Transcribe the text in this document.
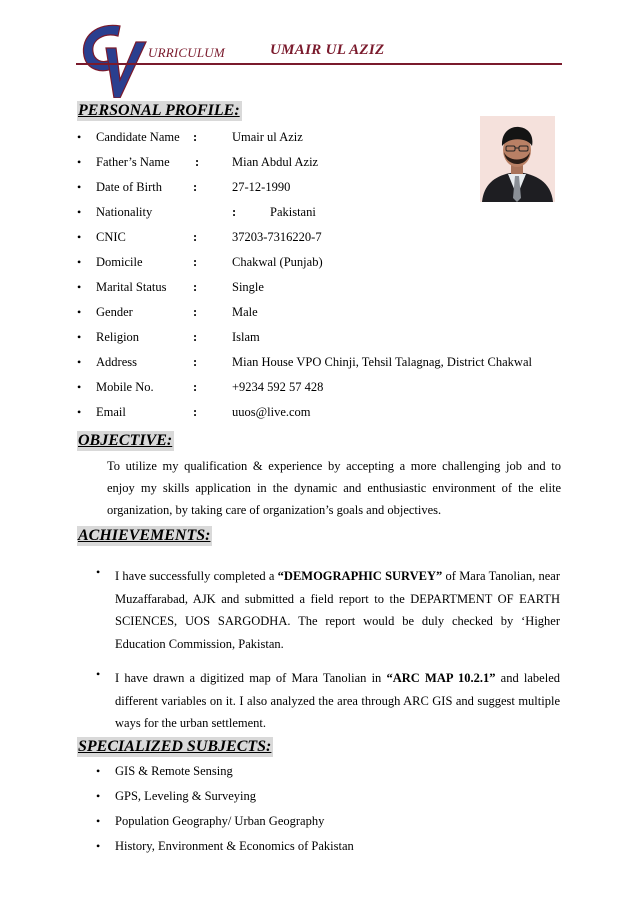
URRICULUM	UMAIR UL AZIZ
PERSONAL PROFILE:
• Candidate Name :	Umair ul Aziz
• Father’s Name :	Mian Abdul Aziz
• Date of Birth :	27-12-1990
• Nationality	:	Pakistani
• CNIC	:	37203-7316220-7
• Domicile	:	Chakwal (Punjab)
• Marital Status :	Single
• Gender	:	Male
• Religion	:	Islam
• Address	:	Mian House VPO Chinji, Tehsil Talagnag, District Chakwal
• Mobile No.	:	+9234 592 57 428
• Email	:	uuos@live.com
OBJECTIVE:
To utilize my qualification & experience by accepting a more challenging job and to
enjoy my skills application in the dynamic and enthusiastic environment of the elite
organization, by taking care of organization’s goals and objectives.
ACHIEVEMENTS:
• I have successfully completed a “DEMOGRAPHIC SURVEY” of Mara Tanolian, near Muzaffarabad, AJK and submitted a field report to the DEPARTMENT OF EARTH SCIENCES, UOS SARGODHA. The report would be duly checked by ‘Higher Education Commission, Pakistan.
• I have drawn a digitized map of Mara Tanolian in “ARC MAP 10.2.1” and labeled different variables on it. I also analyzed the area through ARC GIS and suggest multiple ways for the urban settlement.
SPECIALIZED SUBJECTS:
• GIS & Remote Sensing
• GPS, Leveling & Surveying
• Population Geography/ Urban Geography
• History, Environment & Economics of Pakistan
